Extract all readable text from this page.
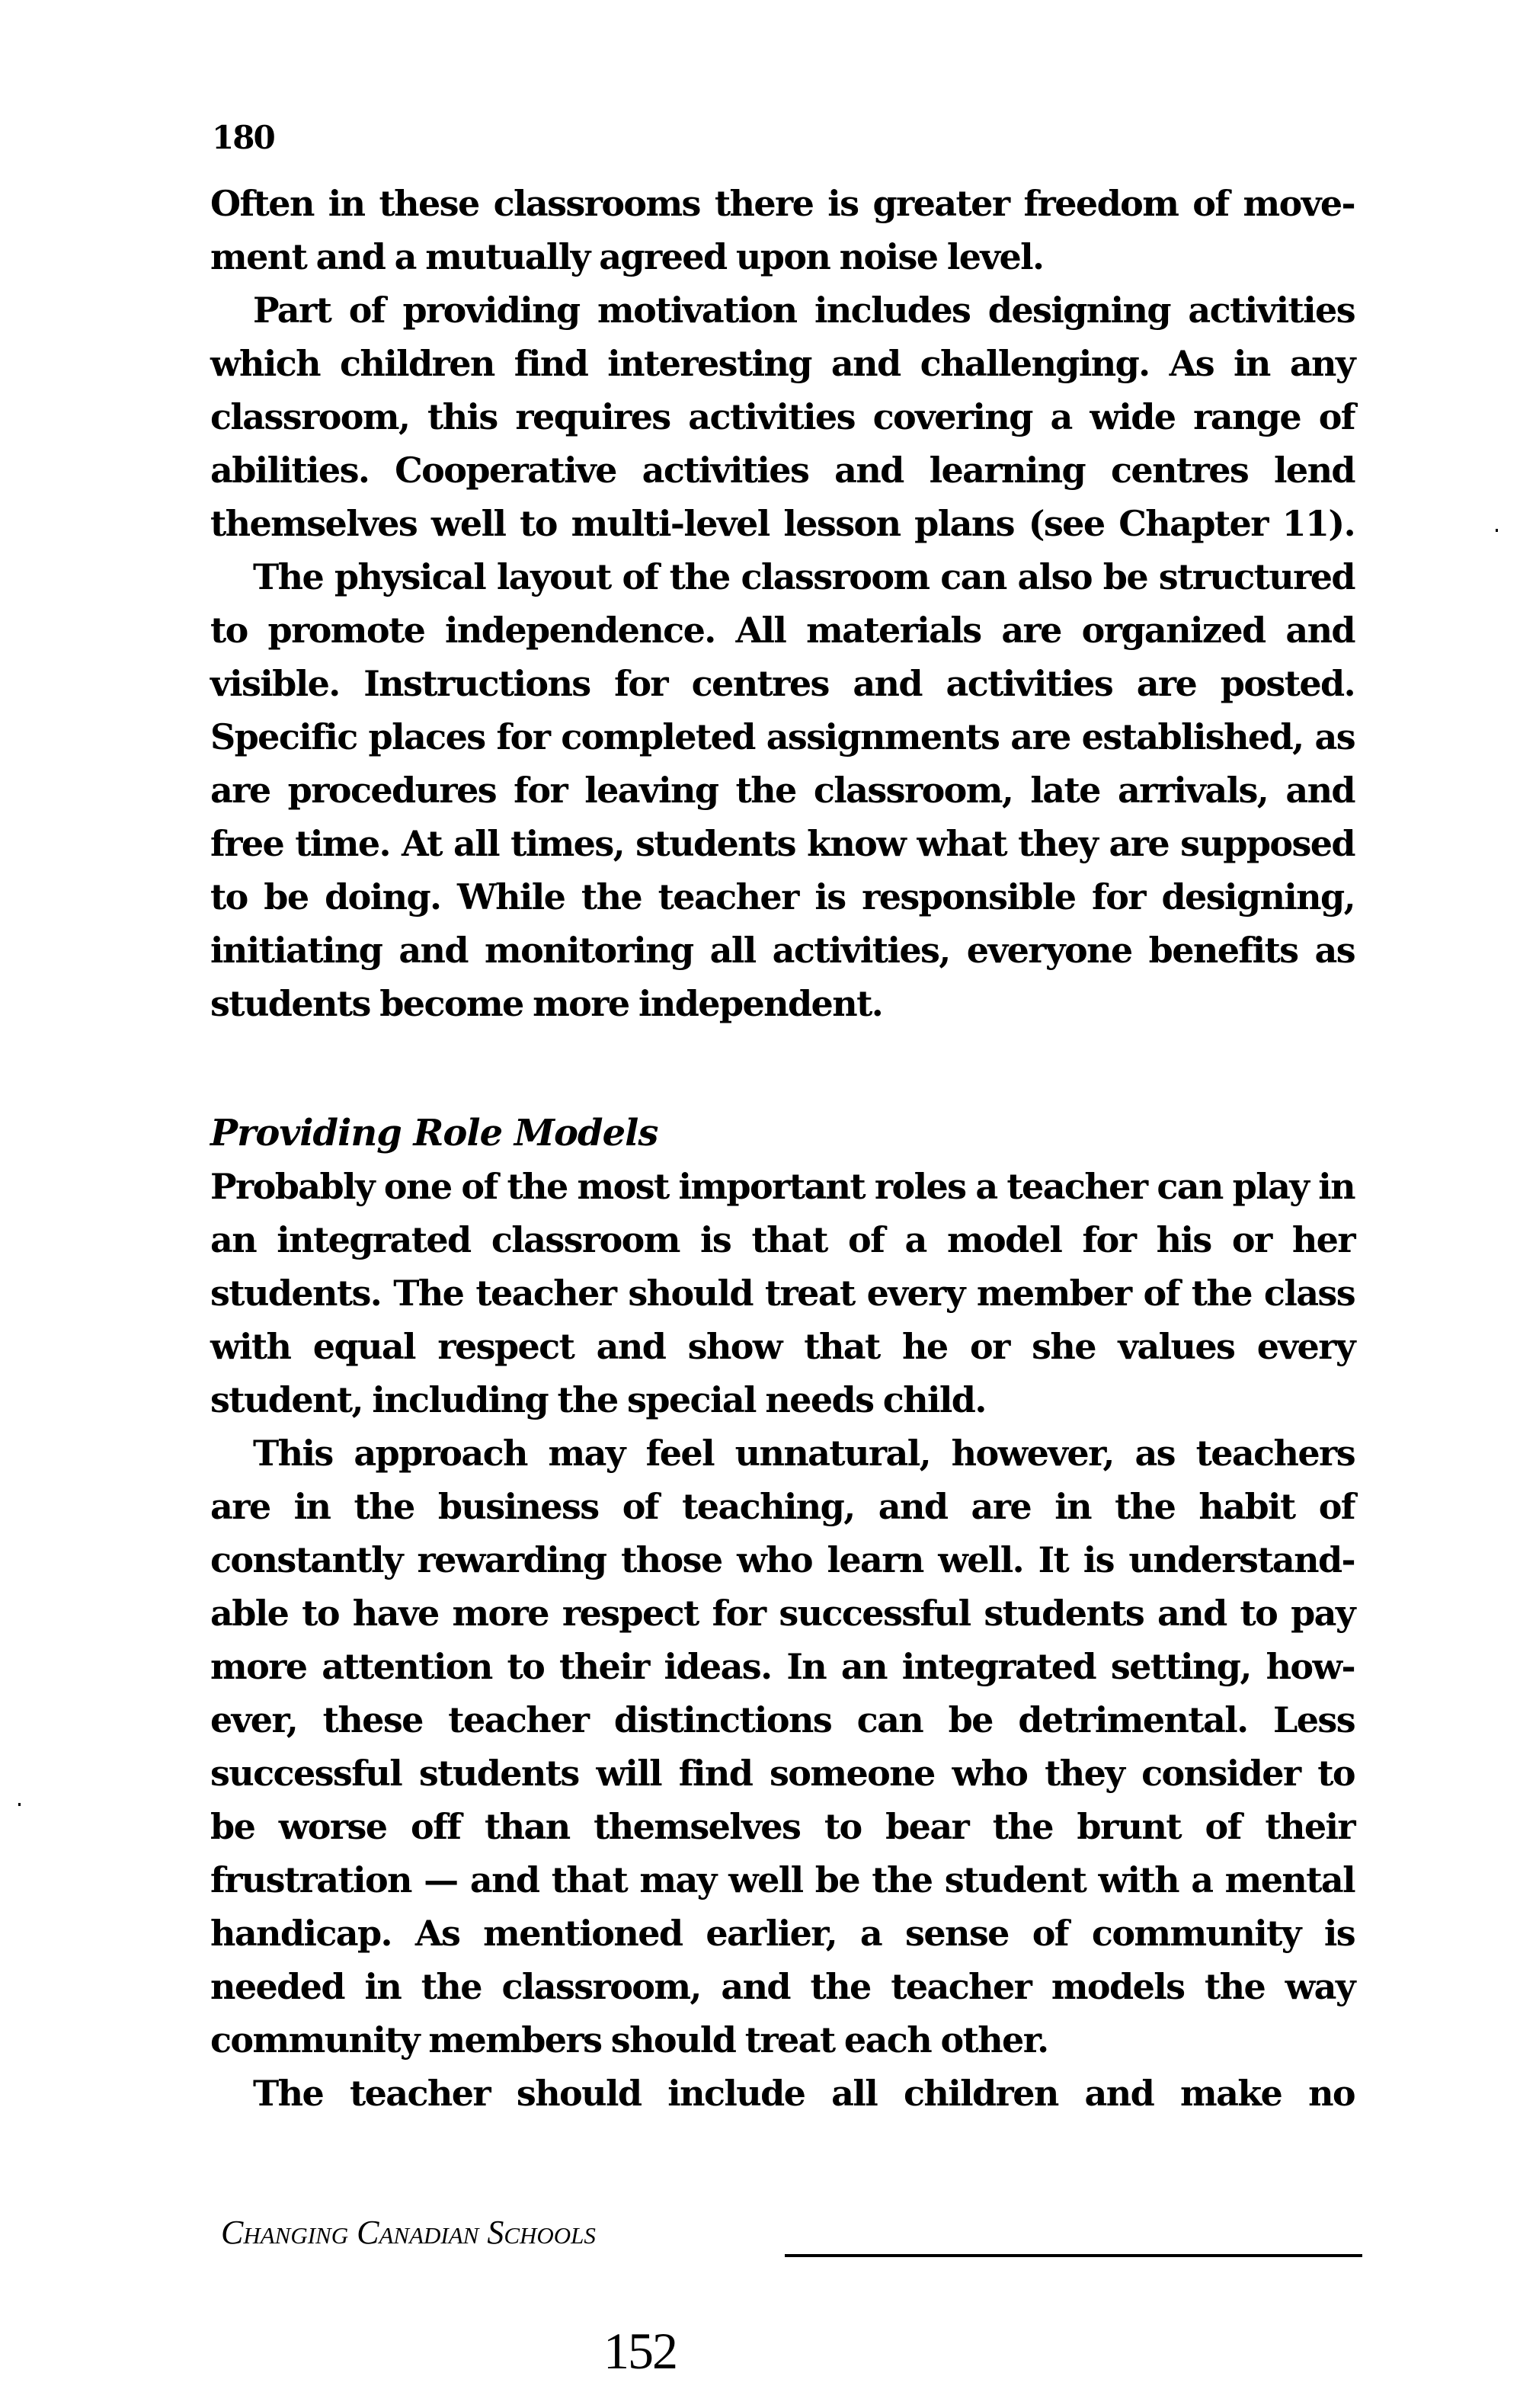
180
Often in these classrooms there is greater freedom of move-
ment and a mutually agreed upon noise level.
Part of providing motivation includes designing activities
which children find interesting and challenging. As in any
classroom, this requires activities covering a wide range of
abilities. Cooperative activities and learning centres lend
themselves well to multi-level lesson plans (see Chapter 11).
The physical layout of the classroom can also be structured
to promote independence. All materials are organized and
visible. Instructions for centres and activities are posted.
Specific places for completed assignments are established, as
are procedures for leaving the classroom, late arrivals, and
free time. At all times, students know what they are supposed
to be doing. While the teacher is responsible for designing,
initiating and monitoring all activities, everyone benefits as
students become more independent.
Providing Role Models
Probably one of the most important roles a teacher can play in
an integrated classroom is that of a model for his or her
students. The teacher should treat every member of the class
with equal respect and show that he or she values every
student, including the special needs child.
This approach may feel unnatural, however, as teachers
are in the business of teaching, and are in the habit of
constantly rewarding those who learn well. It is understand-
able to have more respect for successful students and to pay
more attention to their ideas. In an integrated setting, how-
ever, these teacher distinctions can be detrimental. Less
successful students will find someone who they consider to
be worse off than themselves to bear the brunt of their
frustration — and that may well be the student with a mental
handicap. As mentioned earlier, a sense of community is
needed in the classroom, and the teacher models the way
community members should treat each other.
The teacher should include all children and make no
Changing Canadian Schools
152
